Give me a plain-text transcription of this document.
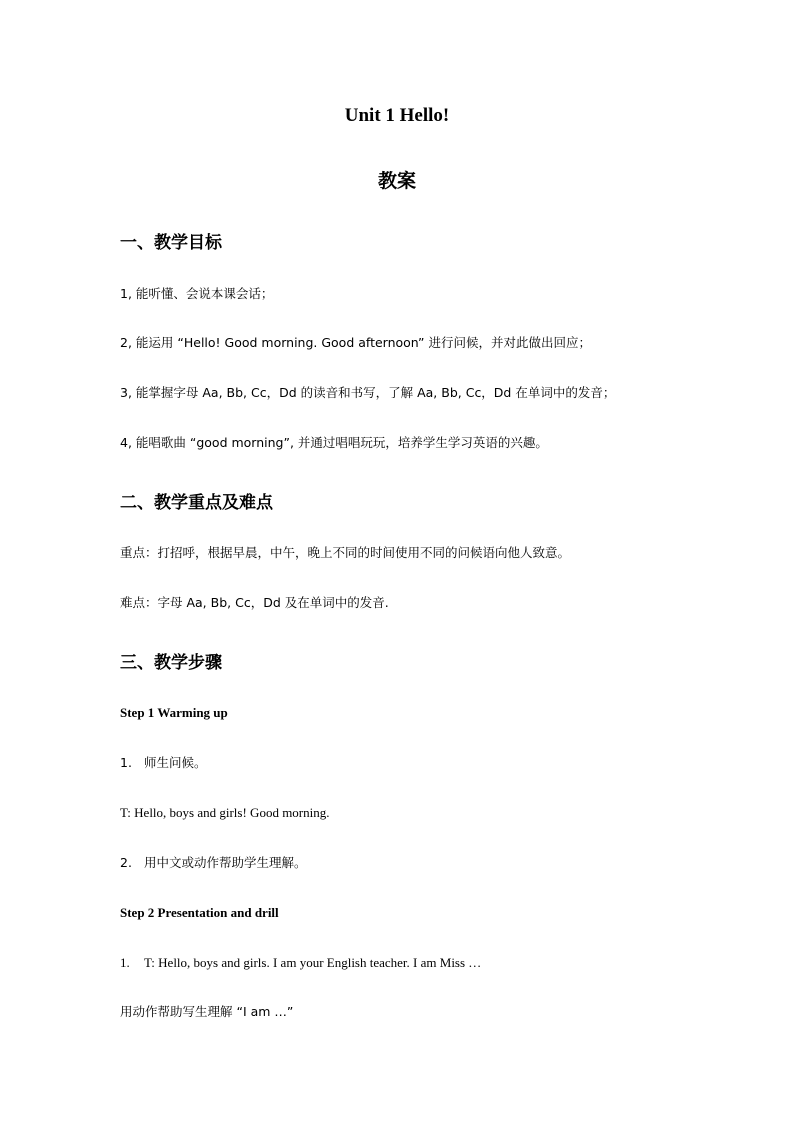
Unit 1 Hello!
教案
一、教学目标
1, 能听懂、会说本课会话；
2, 能运用 “Hello! Good morning. Good afternoon” 进行问候，并对此做出回应；
3, 能掌握字母 Aa, Bb, Cc，Dd 的读音和书写，了解 Aa, Bb, Cc，Dd 在单词中的发音；
4, 能唱歌曲 “good morning”, 并通过唱唱玩玩，培养学生学习英语的兴趣。
二、教学重点及难点
重点：打招呼，根据早晨，中午，晚上不同的时间使用不同的问候语向他人致意。
难点：字母 Aa, Bb, Cc，Dd 及在单词中的发音.
三、教学步骤
Step 1 Warming up
1. 师生问候。
T: Hello, boys and girls! Good morning.
2. 用中文或动作帮助学生理解。
Step 2 Presentation and drill
1. T: Hello, boys and girls. I am your English teacher. I am Miss …
用动作帮助写生理解 “I am …”
